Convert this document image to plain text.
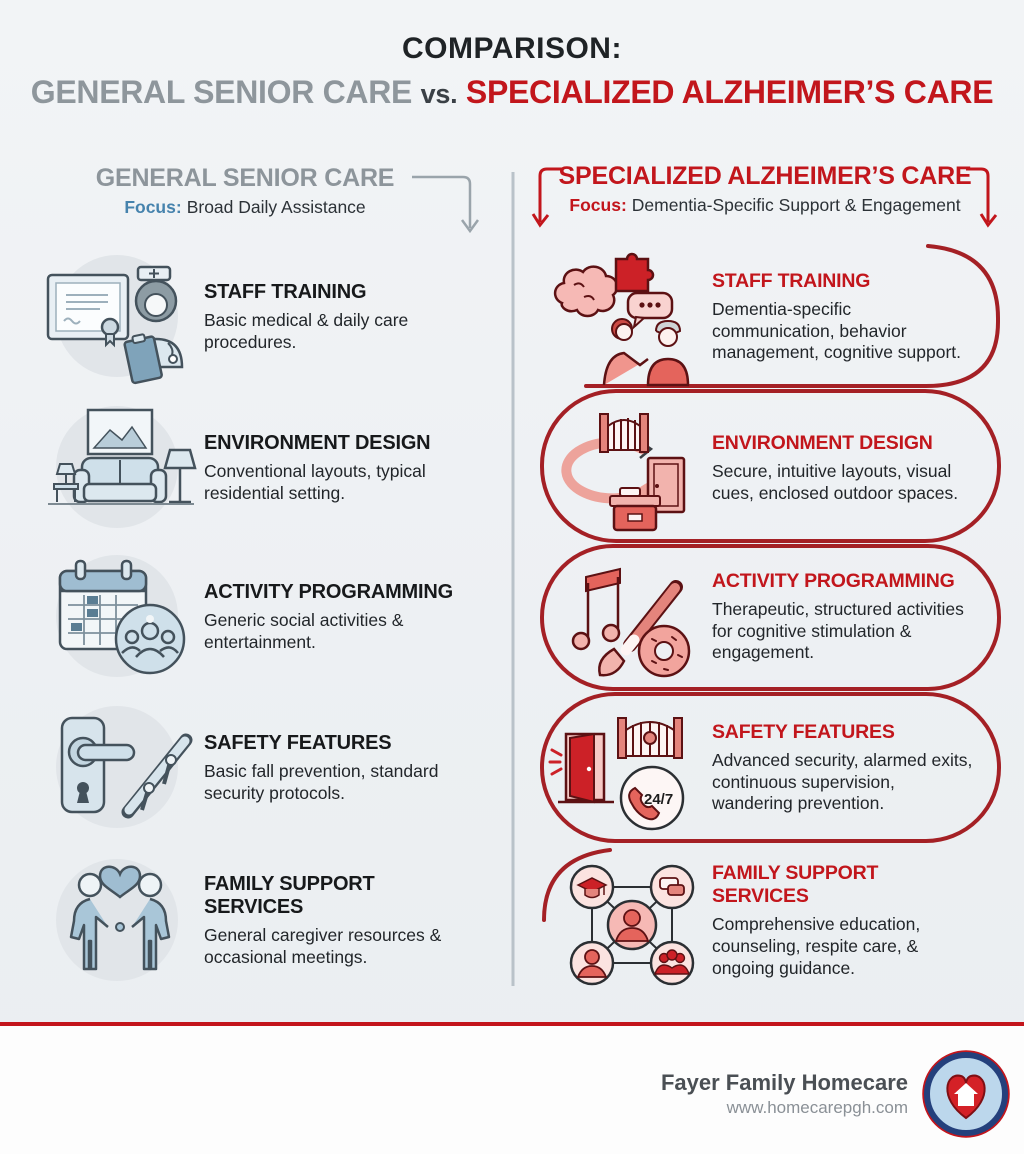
COMPARISON:
GENERAL SENIOR CARE vs. SPECIALIZED ALZHEIMER’S CARE
GENERAL SENIOR CARE
Focus: Broad Daily Assistance
SPECIALIZED ALZHEIMER’S CARE
Focus: Dementia-Specific Support & Engagement
STAFF TRAINING
Basic medical & daily care procedures.
STAFF TRAINING
Dementia-specific communication, behavior management, cognitive support.
ENVIRONMENT DESIGN
Conventional layouts, typical residential setting.
ENVIRONMENT DESIGN
Secure, intuitive layouts, visual cues, enclosed outdoor spaces.
ACTIVITY PROGRAMMING
Generic social activities & entertainment.
ACTIVITY PROGRAMMING
Therapeutic, structured activities for cognitive stimulation & engagement.
SAFETY FEATURES
Basic fall prevention, standard security protocols.	24/7
SAFETY FEATURES
Advanced security, alarmed exits, continuous supervision, wandering prevention.
FAMILY SUPPORT SERVICES
General caregiver resources & occasional meetings.
FAMILY SUPPORT SERVICES
Comprehensive education, counseling, respite care, & ongoing guidance.
Fayer Family Homecare
www.homecarepgh.com
